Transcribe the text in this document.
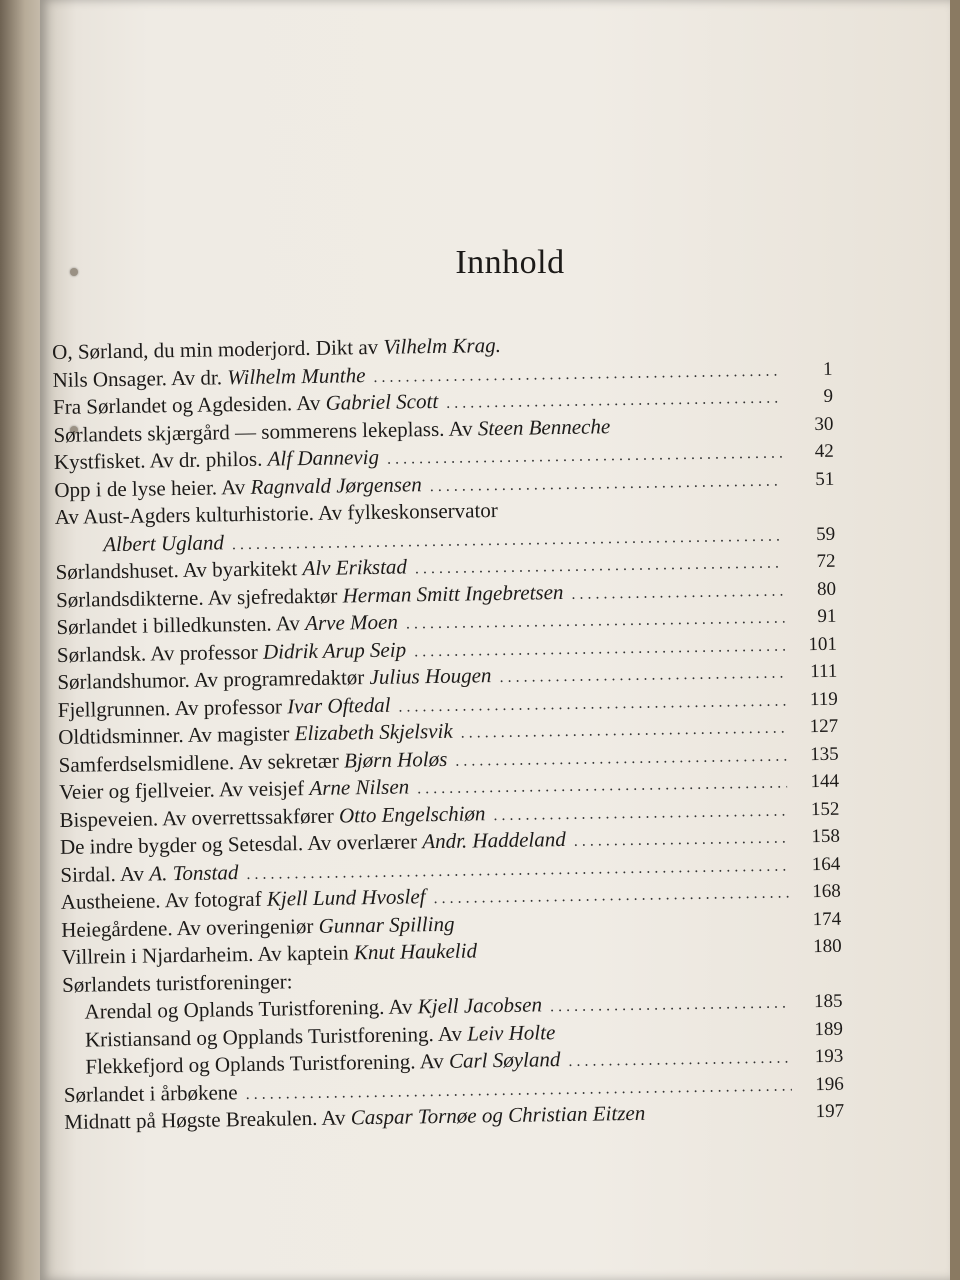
Innhold
O, Sørland, du min moderjord. Dikt av Vilhelm Krag.
Nils Onsager. Av dr. Wilhelm Munthe . . .	1
Fra Sørlandet og Agdesiden. Av Gabriel Scott . . .	9
Sørlandets skjærgård — sommerens lekeplass. Av Steen Benneche	30
Kystfisket. Av dr. philos. Alf Dannevig . . .	42
Opp i de lyse heier. Av Ragnvald Jørgensen . . .	51
Av Aust-Agders kulturhistorie. Av fylkeskonservator
Albert Ugland . . .	59
Sørlandshuset. Av byarkitekt Alv Erikstad . . .	72
Sørlandsdikterne. Av sjefredaktør Herman Smitt Ingebretsen . . .	80
Sørlandet i billedkunsten. Av Arve Moen . . .	91
Sørlandsk. Av professor Didrik Arup Seip . . .	101
Sørlandshumor. Av programredaktør Julius Hougen . . .	111
Fjellgrunnen. Av professor Ivar Oftedal . . .	119
Oldtidsminner. Av magister Elizabeth Skjelsvik . . .	127
Samferdselsmidlene. Av sekretær Bjørn Holøs . . .	135
Veier og fjellveier. Av veisjef Arne Nilsen . . .	144
Bispeveien. Av overrettssakfører Otto Engelschiøn . . .	152
De indre bygder og Setesdal. Av overlærer Andr. Haddeland . . .	158
Sirdal. Av A. Tonstad . . .	164
Austheiene. Av fotograf Kjell Lund Hvoslef . . .	168
Heiegårdene. Av overingeniør Gunnar Spilling	174
Villrein i Njardarheim. Av kaptein Knut Haukelid	180
Sørlandets turistforeninger:
Arendal og Oplands Turistforening. Av Kjell Jacobsen . . .	185
Kristiansand og Opplands Turistforening. Av Leiv Holte	189
Flekkefjord og Oplands Turistforening. Av Carl Søyland . . .	193
Sørlandet i årbøkene . . .	196
Midnatt på Høgste Breakulen. Av Caspar Tornøe og Christian Eitzen	197
